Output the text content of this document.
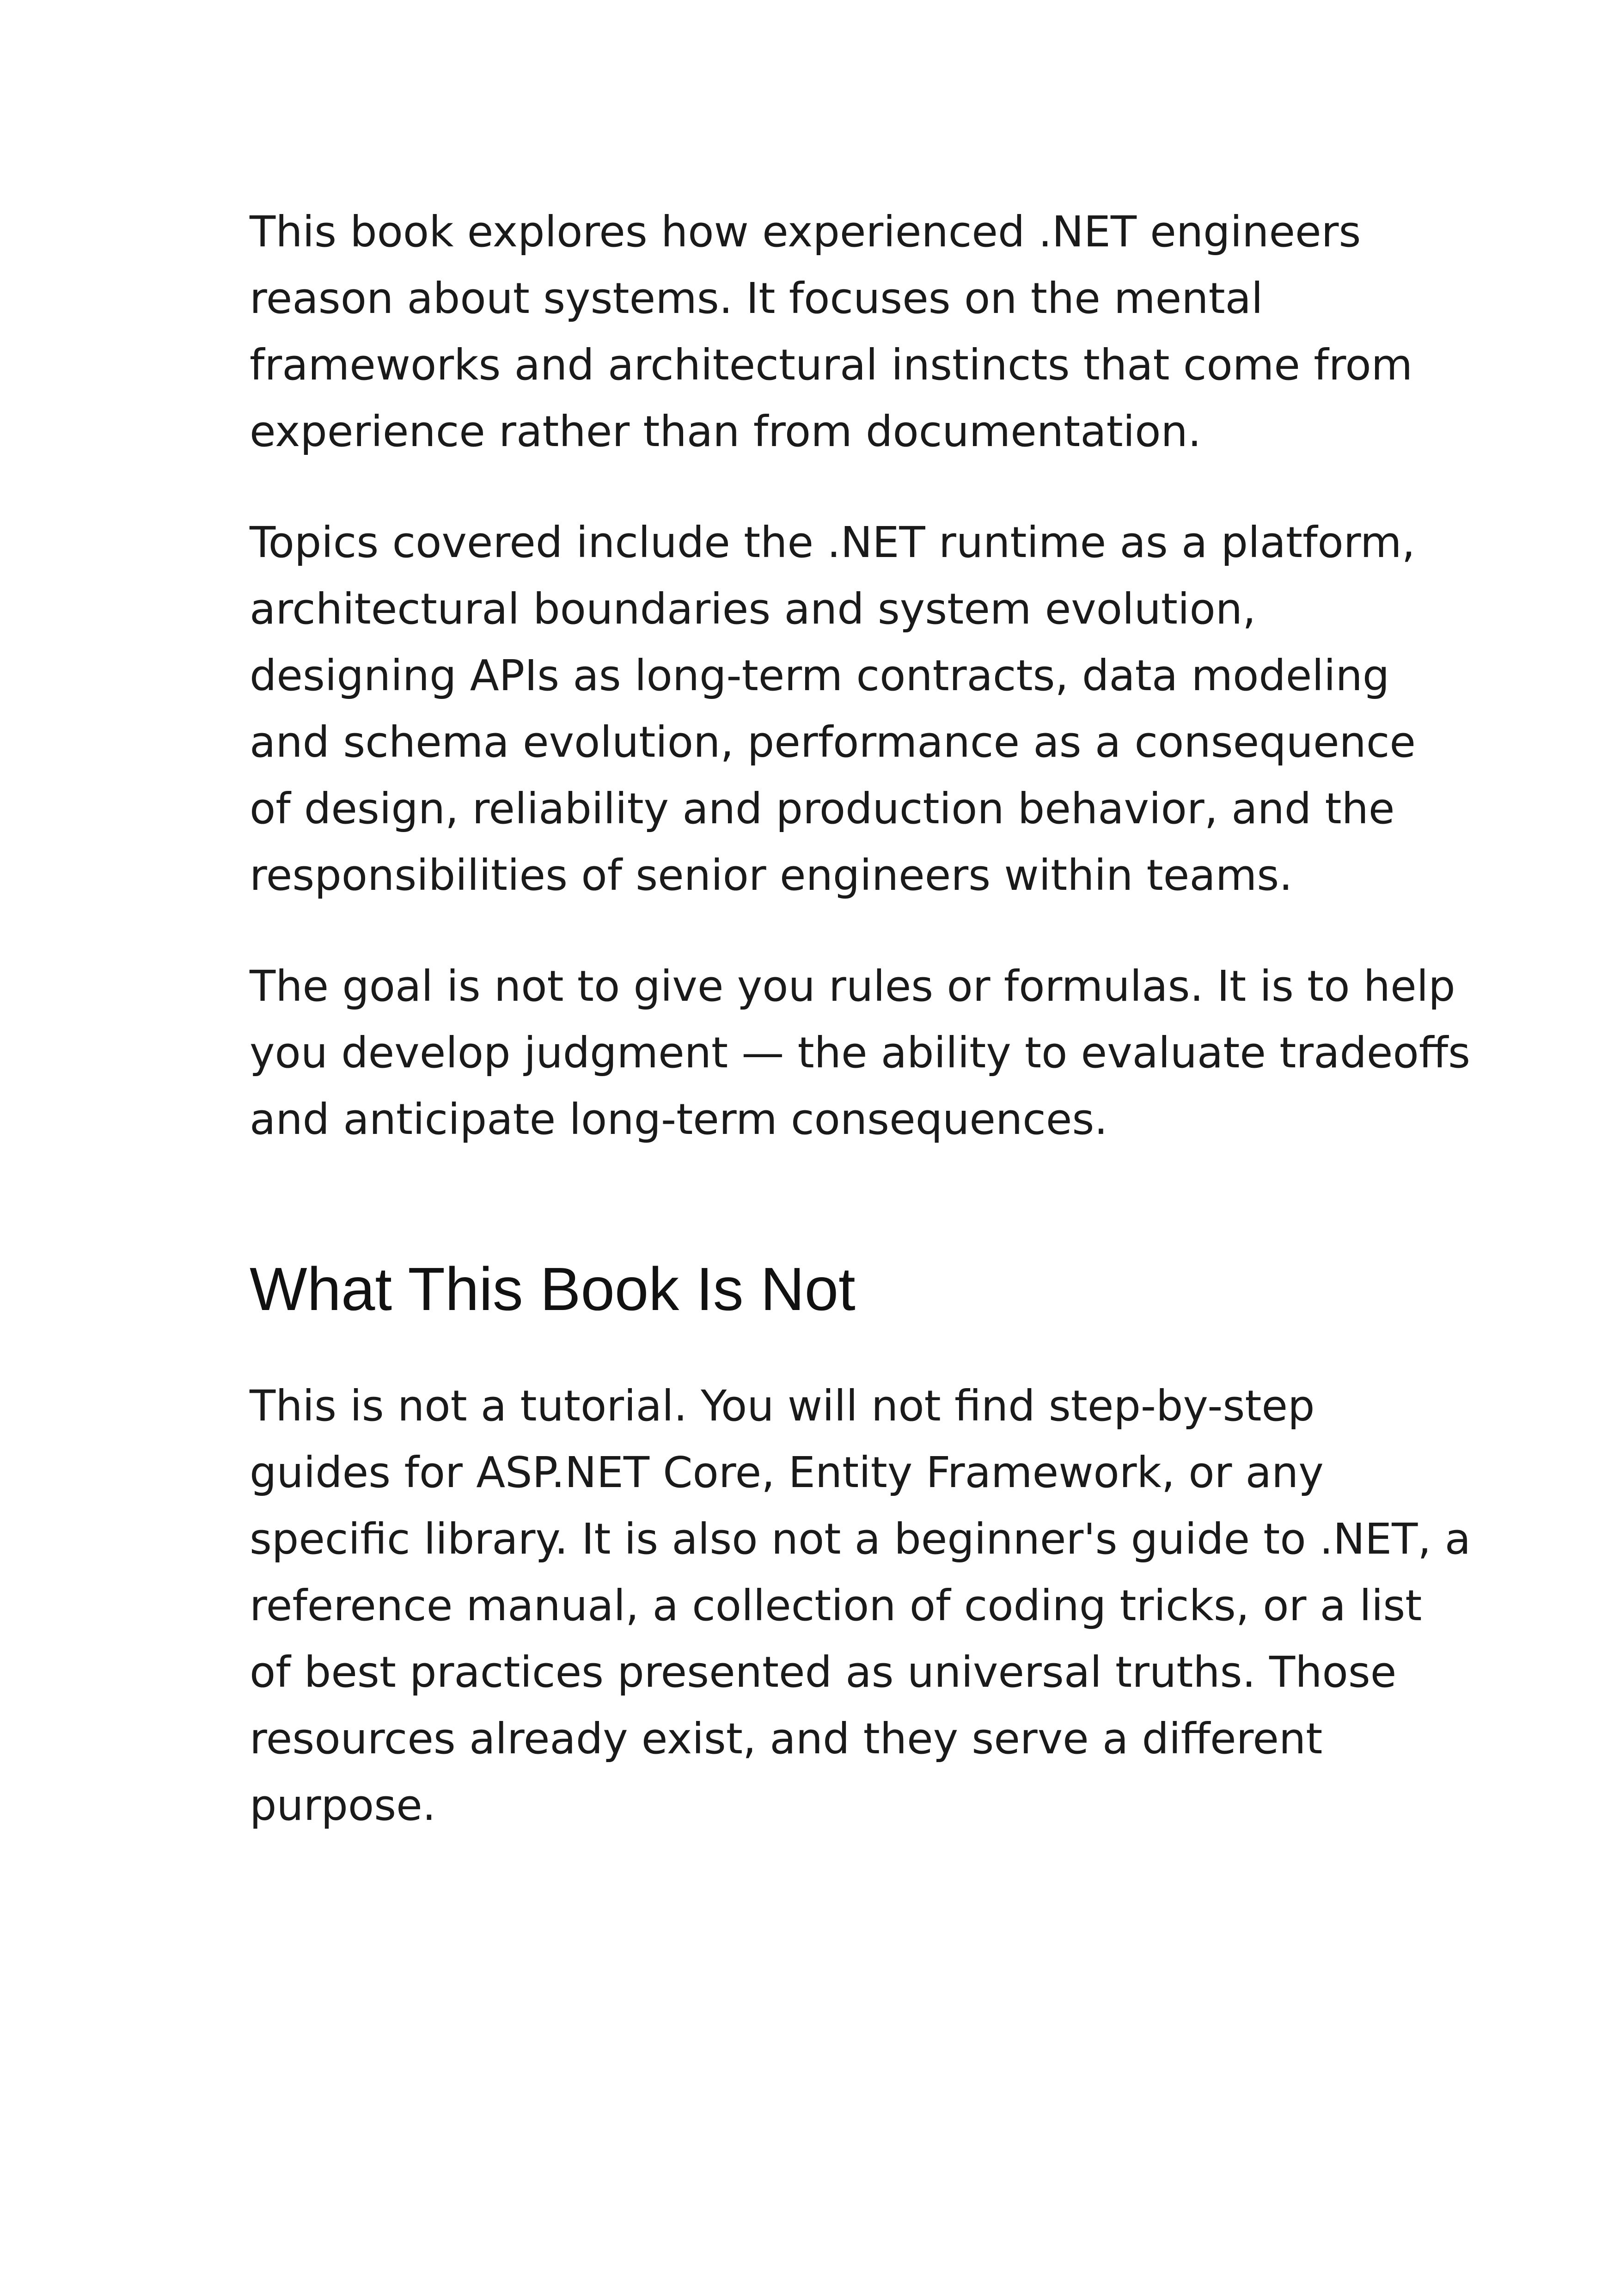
This book explores how experienced .NET engineers
reason about systems. It focuses on the mental
frameworks and architectural instincts that come from
experience rather than from documentation.

Topics covered include the .NET runtime as a platform,
architectural boundaries and system evolution,
designing APIs as long-term contracts, data modeling
and schema evolution, performance as a consequence
of design, reliability and production behavior, and the
responsibilities of senior engineers within teams.

The goal is not to give you rules or formulas. It is to help
you develop judgment — the ability to evaluate tradeoffs
and anticipate long-term consequences.

What This Book Is Not

This is not a tutorial. You will not find step-by-step
guides for ASP.NET Core, Entity Framework, or any
specific library. It is also not a beginner's guide to .NET, a
reference manual, a collection of coding tricks, or a list
of best practices presented as universal truths. Those
resources already exist, and they serve a different
purpose.
